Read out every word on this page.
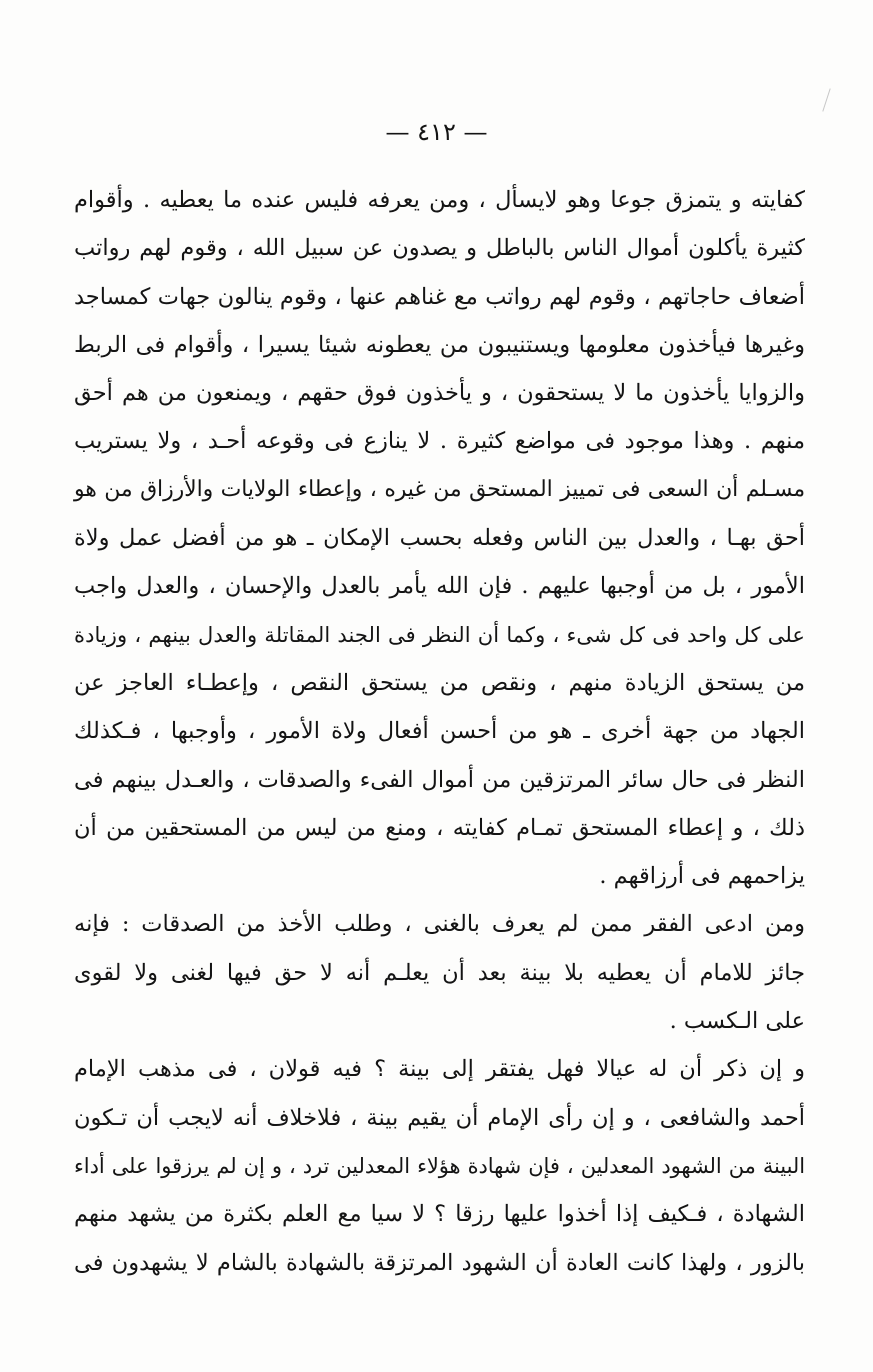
— ٤١٢ —

كفايته و يتمزق جوعا وهو لايسأل ، ومن يعرفه فليس عنده ما يعطيه . وأقوام
كثيرة يأكلون أموال الناس بالباطل و يصدون عن سبيل الله ، وقوم لهم رواتب
أضعاف حاجاتهم ، وقوم لهم رواتب مع غناهم عنها ، وقوم ينالون جهات كمساجد
وغيرها فيأخذون معلومها ويستنيبون من يعطونه شيئا يسيرا ، وأقوام فى الربط
والزوايا يأخذون ما لا يستحقون ، و يأخذون فوق حقهم ، ويمنعون من هم أحق
منهم . وهذا موجود فى مواضع كثيرة . لا ينازع فى وقوعه أحـد ، ولا يستريب
مسـلم أن السعى فى تمييز المستحق من غيره ، وإعطاء الولايات والأرزاق من هو
أحق بهـا ، والعدل بين الناس وفعله بحسب الإمكان ـ هو من أفضل عمل ولاة
الأمور ، بل من أوجبها عليهم . فإن الله يأمر بالعدل والإحسان ، والعدل واجب
على كل واحد فى كل شىء ، وكما أن النظر فى الجند المقاتلة والعدل بينهم ، وزيادة
من يستحق الزيادة منهم ، ونقص من يستحق النقص ، وإعطـاء العاجز عن
الجهاد من جهة أخرى ـ هو من أحسن أفعال ولاة الأمور ، وأوجبها ، فـكذلك
النظر فى حال سائر المرتزقين من أموال الفىء والصدقات ، والعـدل بينهم فى
ذلك ، و إعطاء المستحق تمـام كفايته ، ومنع من ليس من المستحقين من أن
يزاحمهم فى أرزاقهم .

ومن ادعى الفقر ممن لم يعرف بالغنى ، وطلب الأخذ من الصدقات : فإنه
جائز للامام أن يعطيه بلا بينة بعد أن يعلـم أنه لا حق فيها لغنى ولا لقوى
على الـكسب .

و إن ذكر أن له عيالا فهل يفتقر إلى بينة ؟ فيه قولان ، فى مذهب الإمام
أحمد والشافعى ، و إن رأى الإمام أن يقيم بينة ، فلاخلاف أنه لايجب أن تـكون
البينة من الشهود المعدلين ، فإن شهادة هؤلاء المعدلين ترد ، و إن لم يرزقوا على أداء
الشهادة ، فـكيف إذا أخذوا عليها رزقا ؟ لا سيا مع العلم بكثرة من يشهد منهم
بالزور ، ولهذا كانت العادة أن الشهود المرتزقة بالشهادة بالشام لا يشهدون فى
